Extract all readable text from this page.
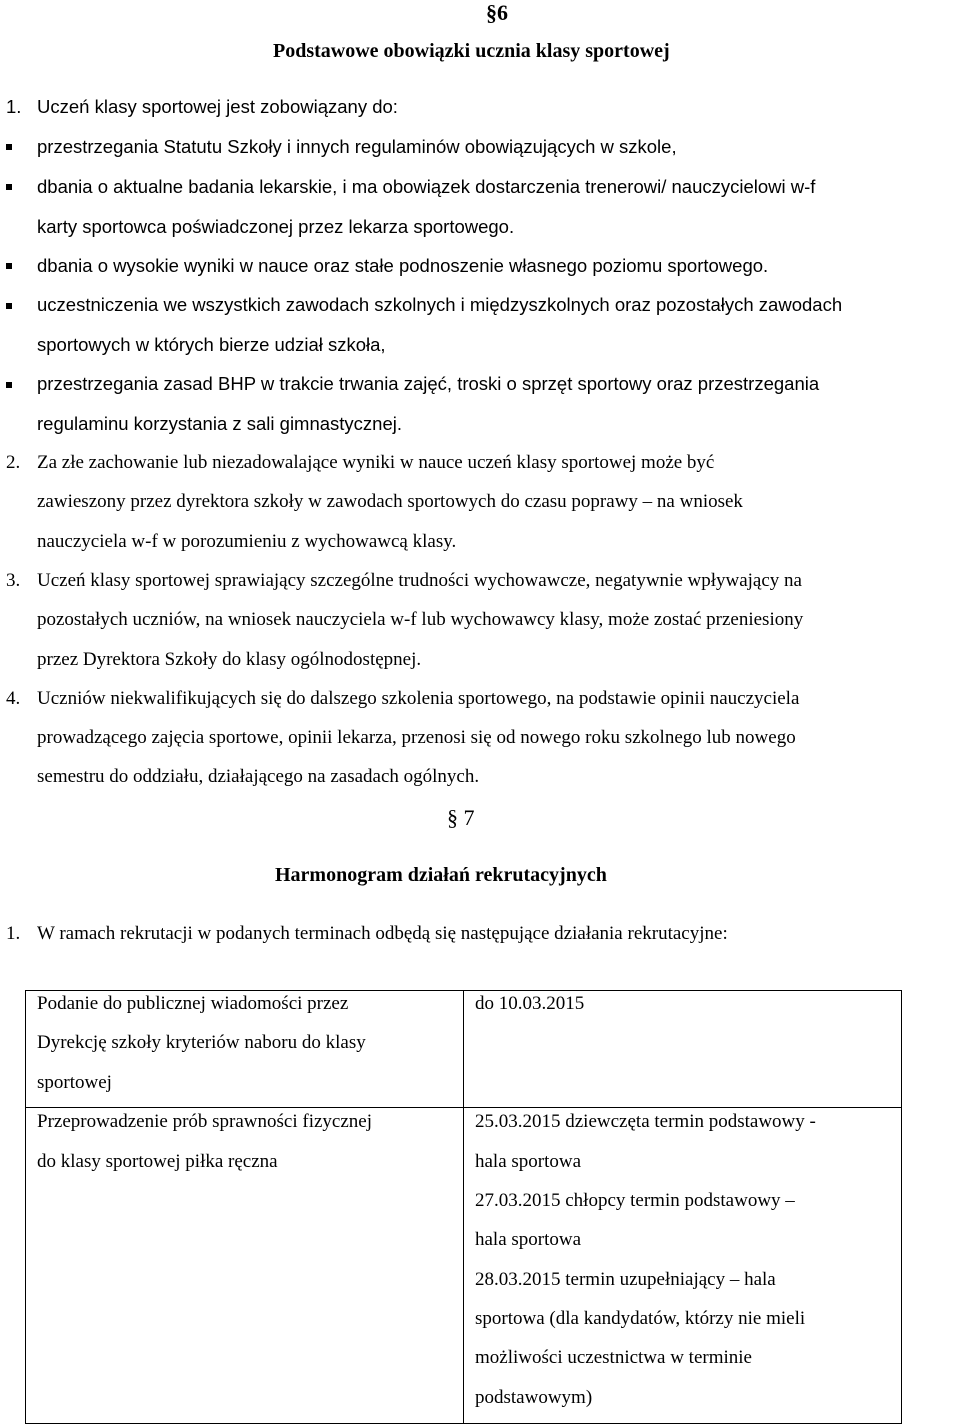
§6
Podstawowe obowiązki ucznia klasy sportowej
1. Uczeń klasy sportowej jest zobowiązany do:
przestrzegania Statutu Szkoły i innych regulaminów obowiązujących w szkole,
dbania o aktualne badania lekarskie, i ma obowiązek dostarczenia trenerowi/ nauczycielowi w-f
karty sportowca poświadczonej przez lekarza sportowego.
dbania o wysokie wyniki w nauce oraz stałe podnoszenie własnego poziomu sportowego.
uczestniczenia we wszystkich zawodach szkolnych i międzyszkolnych oraz pozostałych zawodach
sportowych w których bierze udział szkoła,
przestrzegania zasad BHP w trakcie trwania zajęć, troski o sprzęt sportowy oraz przestrzegania
regulaminu korzystania z sali gimnastycznej.
2. Za złe zachowanie lub niezadowalające wyniki w nauce uczeń klasy sportowej może być
zawieszony przez dyrektora szkoły w zawodach sportowych do czasu poprawy – na wniosek
nauczyciela w-f w porozumieniu z wychowawcą klasy.
3. Uczeń klasy sportowej sprawiający szczególne trudności wychowawcze, negatywnie wpływający na
pozostałych uczniów, na wniosek nauczyciela w-f lub wychowawcy klasy, może zostać przeniesiony
przez Dyrektora Szkoły do klasy ogólnodostępnej.
4. Uczniów niekwalifikujących się do dalszego szkolenia sportowego, na podstawie opinii nauczyciela
prowadzącego zajęcia sportowe, opinii lekarza, przenosi się od nowego roku szkolnego lub nowego
semestru do oddziału, działającego na zasadach ogólnych.
§ 7
Harmonogram działań rekrutacyjnych
1. W ramach rekrutacji w podanych terminach odbędą się następujące działania rekrutacyjne:
Podanie do publicznej wiadomości przez
Dyrekcję szkoły kryteriów naboru do klasy
sportowej
do 10.03.2015
Przeprowadzenie prób sprawności fizycznej
do klasy sportowej piłka ręczna
25.03.2015 dziewczęta termin podstawowy -
hala sportowa
27.03.2015 chłopcy termin podstawowy –
hala sportowa
28.03.2015 termin uzupełniający – hala
sportowa (dla kandydatów, którzy nie mieli
możliwości uczestnictwa w terminie
podstawowym)
